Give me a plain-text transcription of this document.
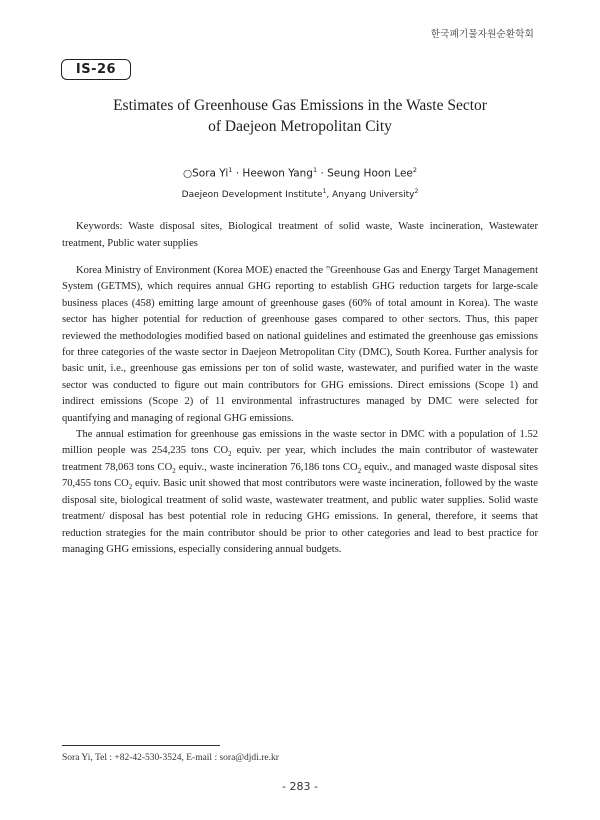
한국폐기물자원순환학회
IS-26
Estimates of Greenhouse Gas Emissions in the Waste Sector
of Daejeon Metropolitan City
○Sora $Yi^1$ · Heewon Yang$^1$ · Seung Hoon Lee$^2$
Daejeon Development Institute$^1$, Anyang University$^2$
Keywords: Waste disposal sites, Biological treatment of solid waste, Waste incineration, Wastewater treatment, Public water supplies

Korea Ministry of Environment (Korea MOE) enacted the "Greenhouse Gas and Energy Target Management System (GETMS), which requires annual GHG reporting to establish GHG reduction targets for large-scale business places (458) emitting large amount of greenhouse gases (60% of total amount in Korea). The waste sector has higher potential for reduction of greenhouse gases compared to other sectors. Thus, this paper reviewed the methodologies modified based on national guidelines and estimated the greenhouse gas emissions for three categories of the waste sector in Daejeon Metropolitan City (DMC), South Korea. Further analysis for basic unit, i.e., greenhouse gas emissions per ton of solid waste, wastewater, and purified water in the waste sector was conducted to figure out main contributors for GHG emissions. Direct emissions (Scope 1) and indirect emissions (Scope 2) of 11 environmental infrastructures managed by DMC were selected for quantifying and managing of regional GHG emissions.

The annual estimation for greenhouse gas emissions in the waste sector in DMC with a population of 1.52 million people was 254,235 tons $CO_2$ equiv. per year, which includes the main contributor of wastewater treatment 78,063 tons $CO_2$ equiv., waste incineration 76,186 tons $CO_2$ equiv., and managed waste disposal sites 70,455 tons $CO_2$ equiv. Basic unit showed that most contributors were waste incineration, followed by the waste disposal site, biological treatment of solid waste, wastewater treatment, and public water supplies. Solid waste treatment/ disposal has best potential role in reducing GHG emissions. In general, therefore, it seems that reduction strategies for the main contributor should be prior to other categories and lead to best practice for managing GHG emissions, especially considering annual budgets.

Sora Yi, Tel : +82-42-530-3524, E-mail : sora@djdi.re.kr
- 283 -
